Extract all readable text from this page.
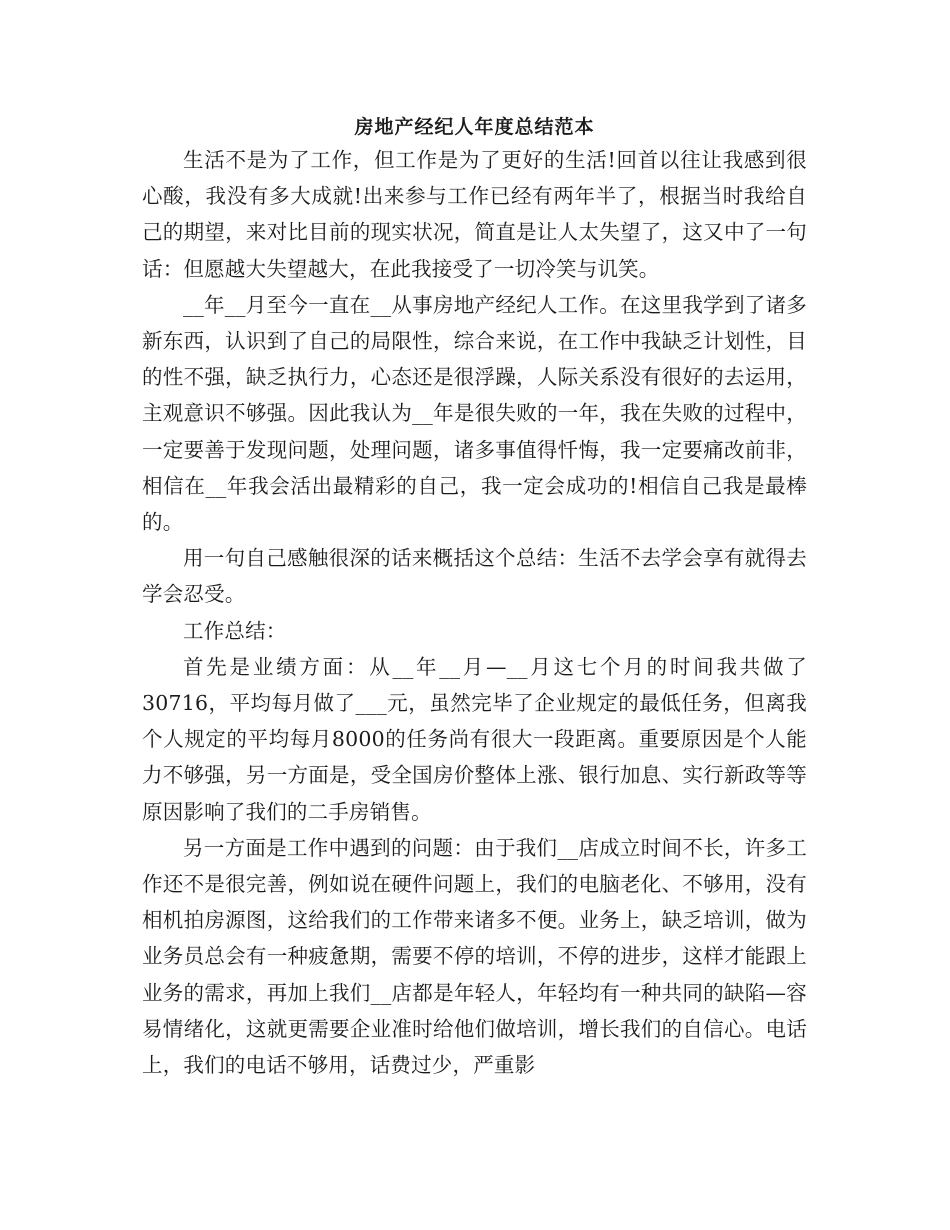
房地产经纪人年度总结范本

生活不是为了工作，但工作是为了更好的生活!回首以往让我感到很心酸，我没有多大成就!出来参与工作已经有两年半了，根据当时我给自己的期望，来对比目前的现实状况，简直是让人太失望了，这又中了一句话：但愿越大失望越大，在此我接受了一切冷笑与讥笑。

__年__月至今一直在__从事房地产经纪人工作。在这里我学到了诸多新东西，认识到了自己的局限性，综合来说，在工作中我缺乏计划性，目的性不强，缺乏执行力，心态还是很浮躁，人际关系没有很好的去运用，主观意识不够强。因此我认为__年是很失败的一年，我在失败的过程中，一定要善于发现问题，处理问题，诸多事值得忏悔，我一定要痛改前非，相信在__年我会活出最精彩的自己，我一定会成功的!相信自己我是最棒的。

用一句自己感触很深的话来概括这个总结：生活不去学会享有就得去学会忍受。

工作总结：

首先是业绩方面：从__年__月—__月这七个月的时间我共做了30716，平均每月做了___元，虽然完毕了企业规定的最低任务，但离我个人规定的平均每月8000的任务尚有很大一段距离。重要原因是个人能力不够强，另一方面是，受全国房价整体上涨、银行加息、实行新政等等原因影响了我们的二手房销售。

另一方面是工作中遇到的问题：由于我们__店成立时间不长，许多工作还不是很完善，例如说在硬件问题上，我们的电脑老化、不够用，没有相机拍房源图，这给我们的工作带来诸多不便。业务上，缺乏培训，做为业务员总会有一种疲惫期，需要不停的培训，不停的进步，这样才能跟上业务的需求，再加上我们__店都是年轻人，年轻均有一种共同的缺陷—容易情绪化，这就更需要企业准时给他们做培训，增长我们的自信心。电话上，我们的电话不够用，话费过少，严重影
